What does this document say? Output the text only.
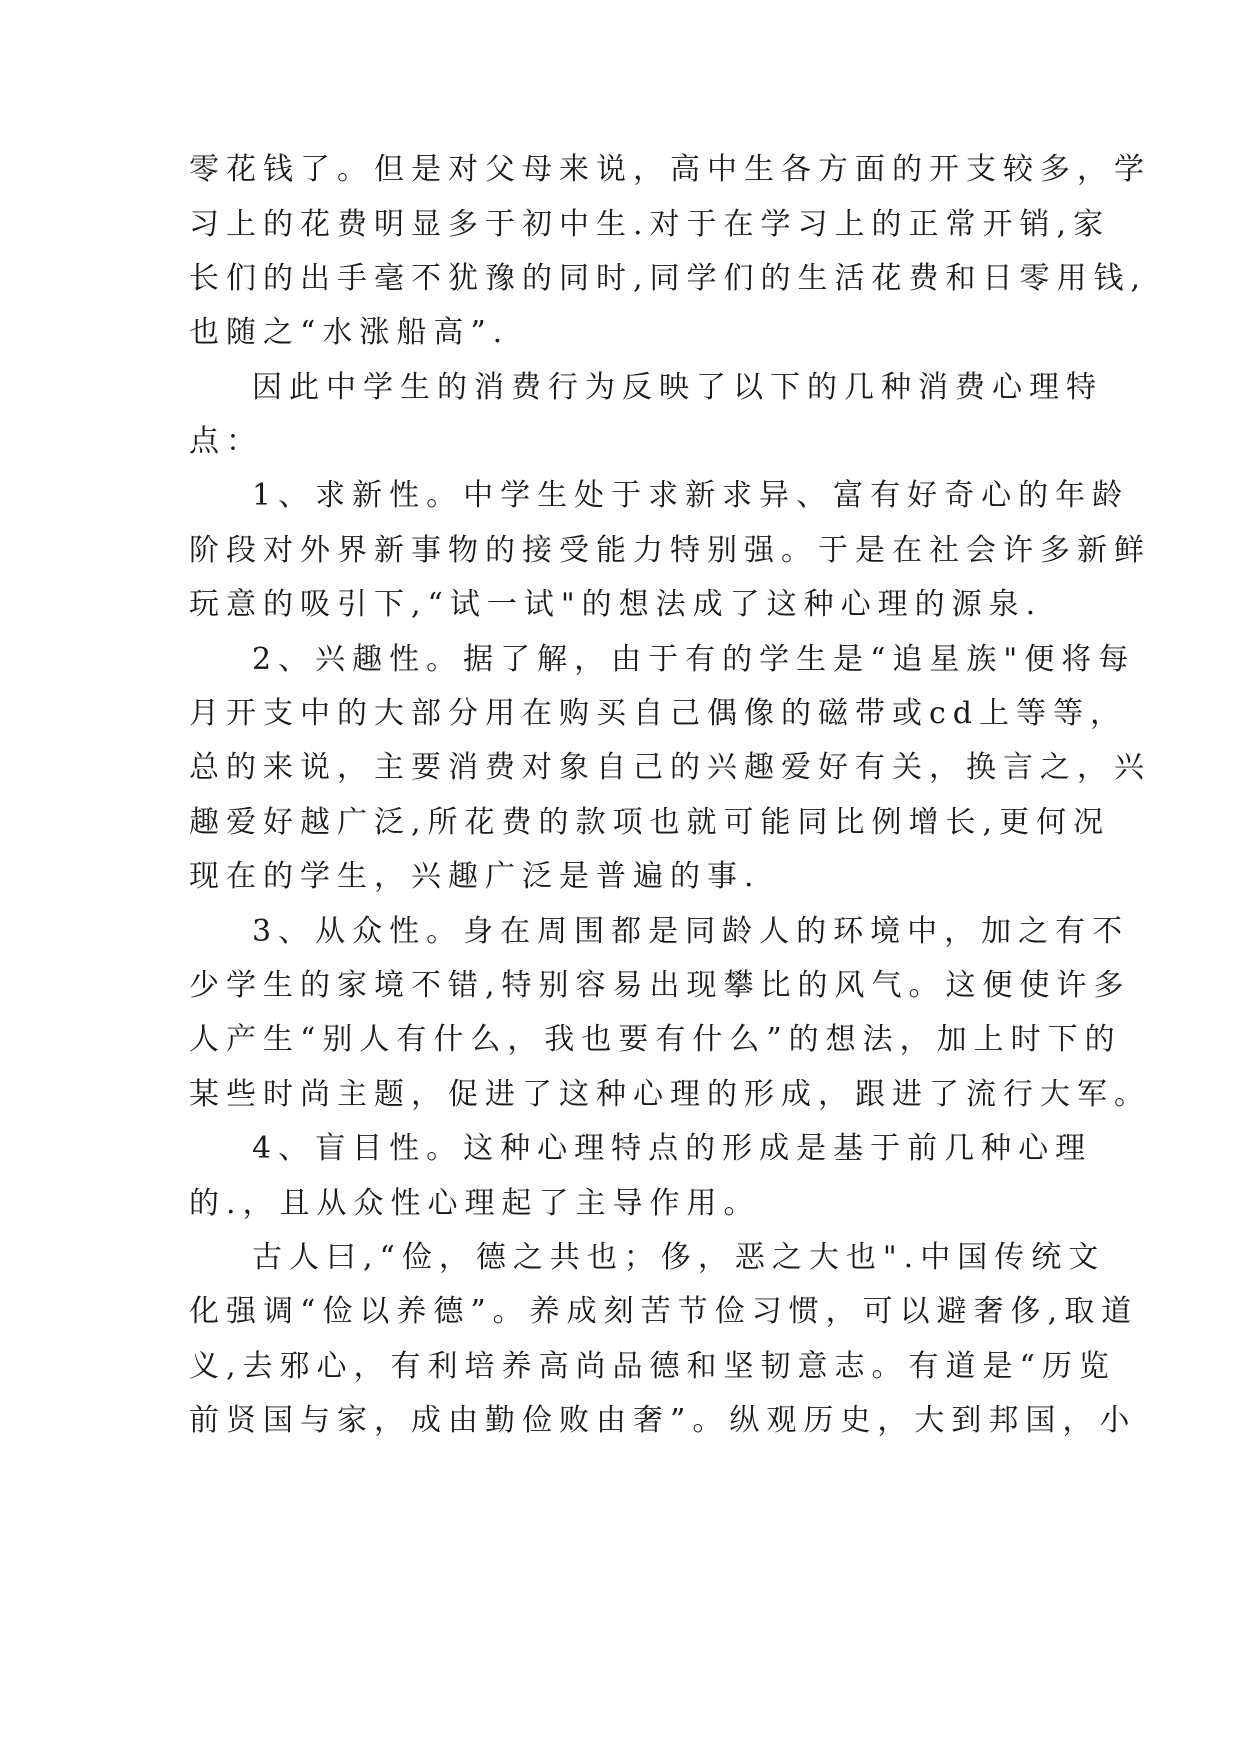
零花钱了。但是对父母来说，高中生各方面的开支较多，学
习上的花费明显多于初中生.对于在学习上的正常开销,家
长们的出手毫不犹豫的同时,同学们的生活花费和日零用钱,
也随之“水涨船高”.
因此中学生的消费行为反映了以下的几种消费心理特
点：
1、求新性。中学生处于求新求异、富有好奇心的年龄
阶段对外界新事物的接受能力特别强。于是在社会许多新鲜
玩意的吸引下,“试一试"的想法成了这种心理的源泉.
2、兴趣性。据了解，由于有的学生是“追星族"便将每
月开支中的大部分用在购买自己偶像的磁带或cd上等等，
总的来说，主要消费对象自己的兴趣爱好有关，换言之，兴
趣爱好越广泛,所花费的款项也就可能同比例增长,更何况
现在的学生，兴趣广泛是普遍的事.
3、从众性。身在周围都是同龄人的环境中，加之有不
少学生的家境不错,特别容易出现攀比的风气。这便使许多
人产生“别人有什么，我也要有什么”的想法，加上时下的
某些时尚主题，促进了这种心理的形成，跟进了流行大军。
4、盲目性。这种心理特点的形成是基于前几种心理
的.，且从众性心理起了主导作用。
古人曰,“俭，德之共也；侈，恶之大也".中国传统文
化强调“俭以养德”。养成刻苦节俭习惯，可以避奢侈,取道
义,去邪心，有利培养高尚品德和坚韧意志。有道是“历览
前贤国与家，成由勤俭败由奢”。纵观历史，大到邦国，小
